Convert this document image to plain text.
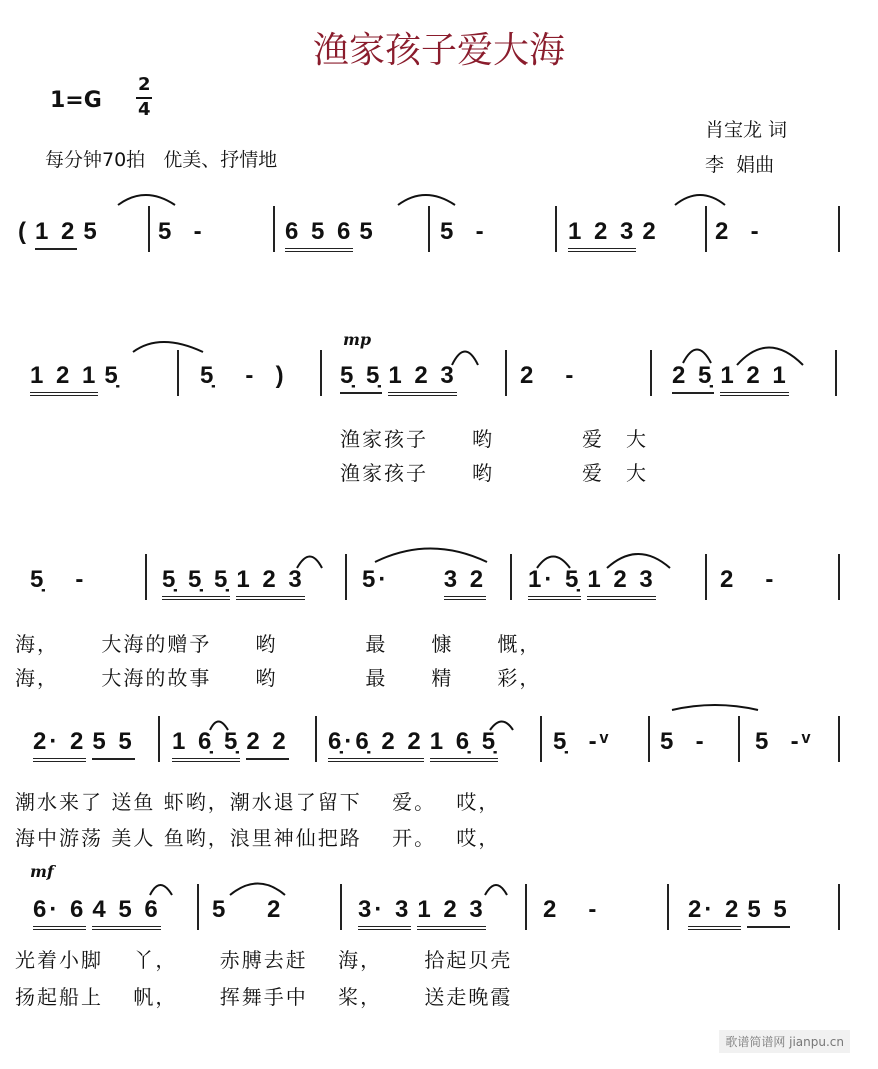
渔家孩子爱大海
1=G
2
4
每分钟70拍   优美、抒情地
肖宝龙 词
李  娟曲
mp
mf
( 1 2 5 5  -	6 5 6 5	5  -	1 2 3 2 2  -
1 2 1 5̣	5̣   -  ) 5̣ 5̣ 1 2 3	2   -	2 5̣ 1 2 1
渔家孩子　　哟　　　　爱　大
渔家孩子　　哟　　　　爱　大
5̣   -	5̣ 5̣ 5̣ 1 2 3 5·     3 2 1· 5̣ 1 2 3	2   -
海，　　 大海的赠予　　哟　　　　最　　慷　　慨，
海，　　 大海的故事　　哟　　　　最　　精　　彩，
2· 2 5 5 1 6̣ 5̣ 2 2 6̣·6̣ 2 2 1 6̣ 5̣ 5̣  -ᵛ 5  - 5  -ᵛ
潮水来了 送鱼 虾哟，潮水退了留下　 爱。　 哎，
海中游荡 美人 鱼哟，浪里神仙把路　 开。　 哎，
6· 6 4 5 6 5    2	3· 3 1 2 3 2   -	2· 2 5 5
光着小脚　 丫，　　 赤膊去赶　 海，　　 拾起贝壳
扬起船上　 帆，　　 挥舞手中　 桨，　　 送走晚霞
歌谱简谱网 jianpu.cn
